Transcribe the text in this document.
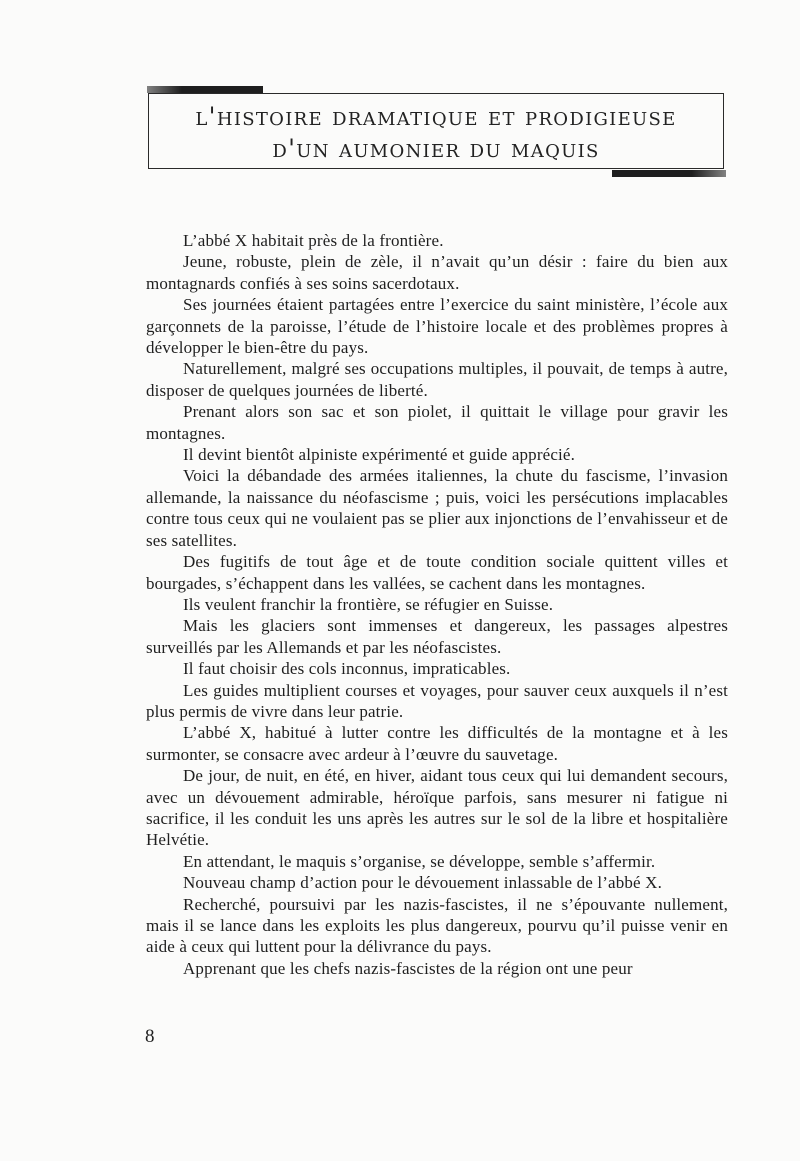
l'histoire dramatique et prodigieuse
d'un aumonier du maquis

L’abbé X habitait près de la frontière.

Jeune, robuste, plein de zèle, il n’avait qu’un désir : faire du bien aux montagnards confiés à ses soins sacerdotaux.

Ses journées étaient partagées entre l’exercice du saint ministère, l’école aux garçonnets de la paroisse, l’étude de l’histoire locale et des problèmes propres à développer le bien-être du pays.

Naturellement, malgré ses occupations multiples, il pouvait, de temps à autre, disposer de quelques journées de liberté.

Prenant alors son sac et son piolet, il quittait le village pour gravir les montagnes.

Il devint bientôt alpiniste expérimenté et guide apprécié.

Voici la débandade des armées italiennes, la chute du fascisme, l’invasion allemande, la naissance du néofascisme ; puis, voici les persécutions implacables contre tous ceux qui ne voulaient pas se plier aux injonctions de l’envahisseur et de ses satellites.

Des fugitifs de tout âge et de toute condition sociale quittent villes et bourgades, s’échappent dans les vallées, se cachent dans les montagnes.

Ils veulent franchir la frontière, se réfugier en Suisse.

Mais les glaciers sont immenses et dangereux, les passages alpestres surveillés par les Allemands et par les néofascistes.

Il faut choisir des cols inconnus, impraticables.

Les guides multiplient courses et voyages, pour sauver ceux auxquels il n’est plus permis de vivre dans leur patrie.

L’abbé X, habitué à lutter contre les difficultés de la montagne et à les surmonter, se consacre avec ardeur à l’œuvre du sauvetage.

De jour, de nuit, en été, en hiver, aidant tous ceux qui lui demandent secours, avec un dévouement admirable, héroïque parfois, sans mesurer ni fatigue ni sacrifice, il les conduit les uns après les autres sur le sol de la libre et hospitalière Helvétie.

En attendant, le maquis s’organise, se développe, semble s’affermir.

Nouveau champ d’action pour le dévouement inlassable de l’abbé X.

Recherché, poursuivi par les nazis-fascistes, il ne s’épouvante nullement, mais il se lance dans les exploits les plus dangereux, pourvu qu’il puisse venir en aide à ceux qui luttent pour la délivrance du pays.

Apprenant que les chefs nazis-fascistes de la région ont une peur

8
